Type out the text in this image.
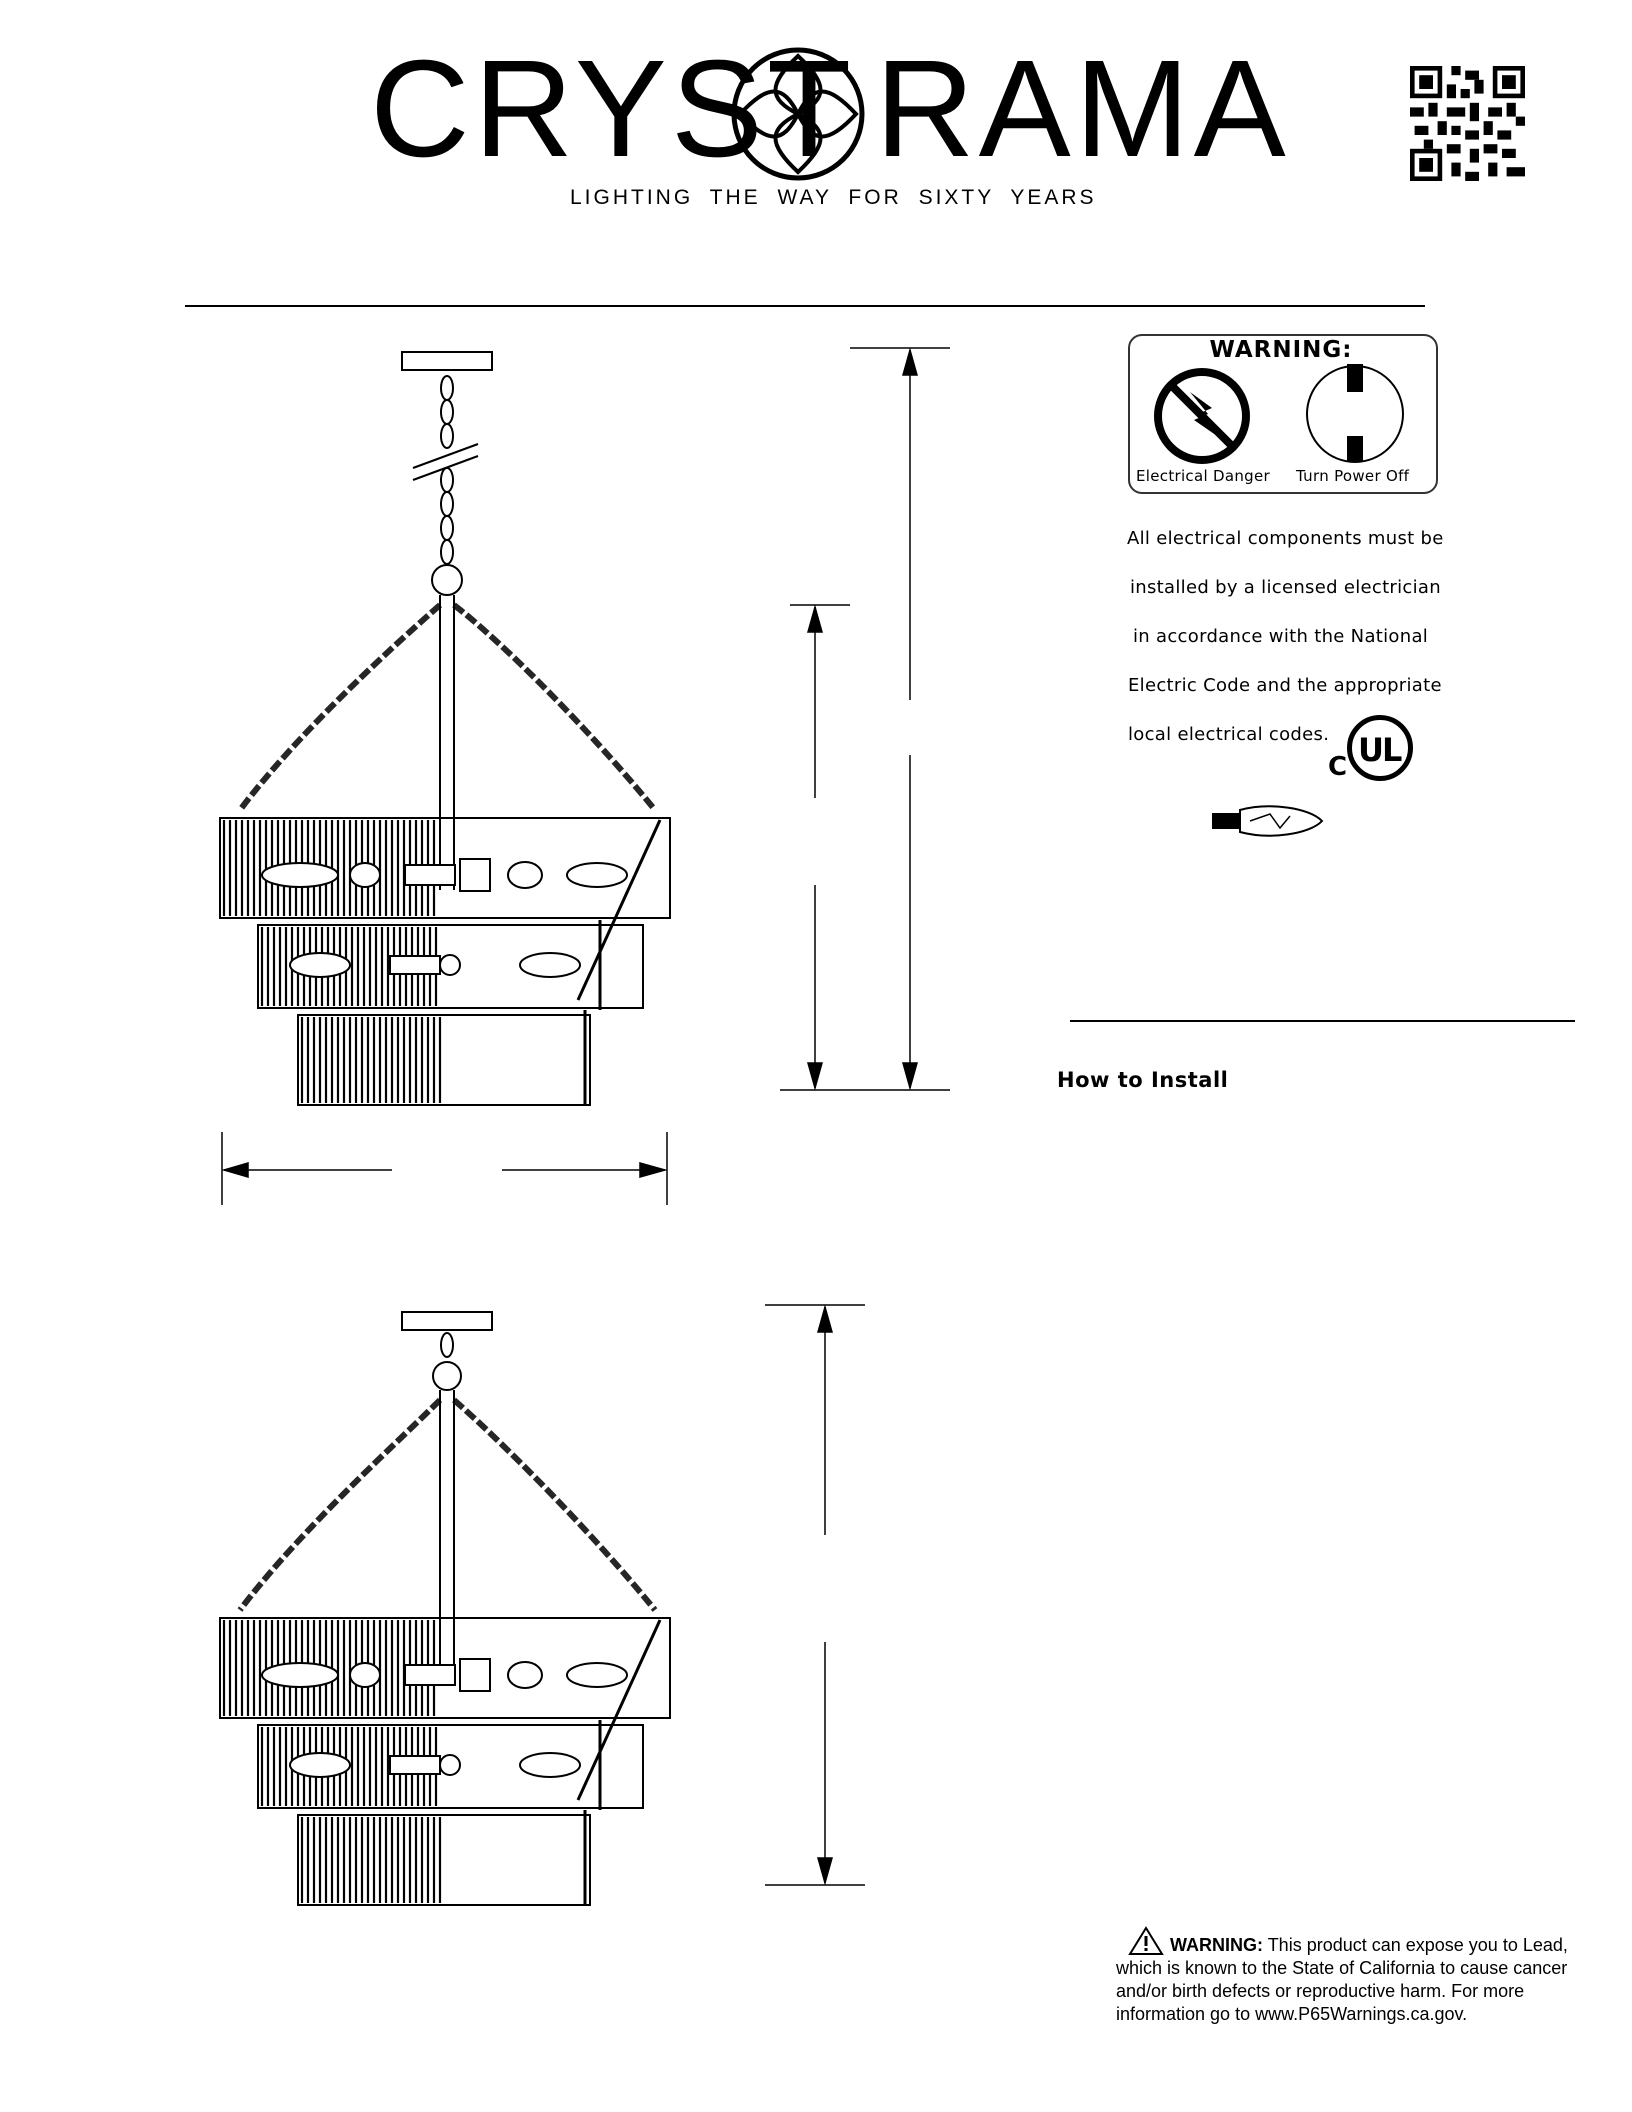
CRYST RAMA
LIGHTING THE WAY FOR SIXTY YEARS
WARNING:
Electrical Danger Turn Power Off
All electrical components must be
installed by a licensed electrician
in accordance with the National
Electric Code and the appropriate
local electrical codes.
C UL
How to Install
WARNING: This product can expose you to Lead, which is known to the State of California to cause cancer and/or birth defects or reproductive harm. For more information go to www.P65Warnings.ca.gov.
